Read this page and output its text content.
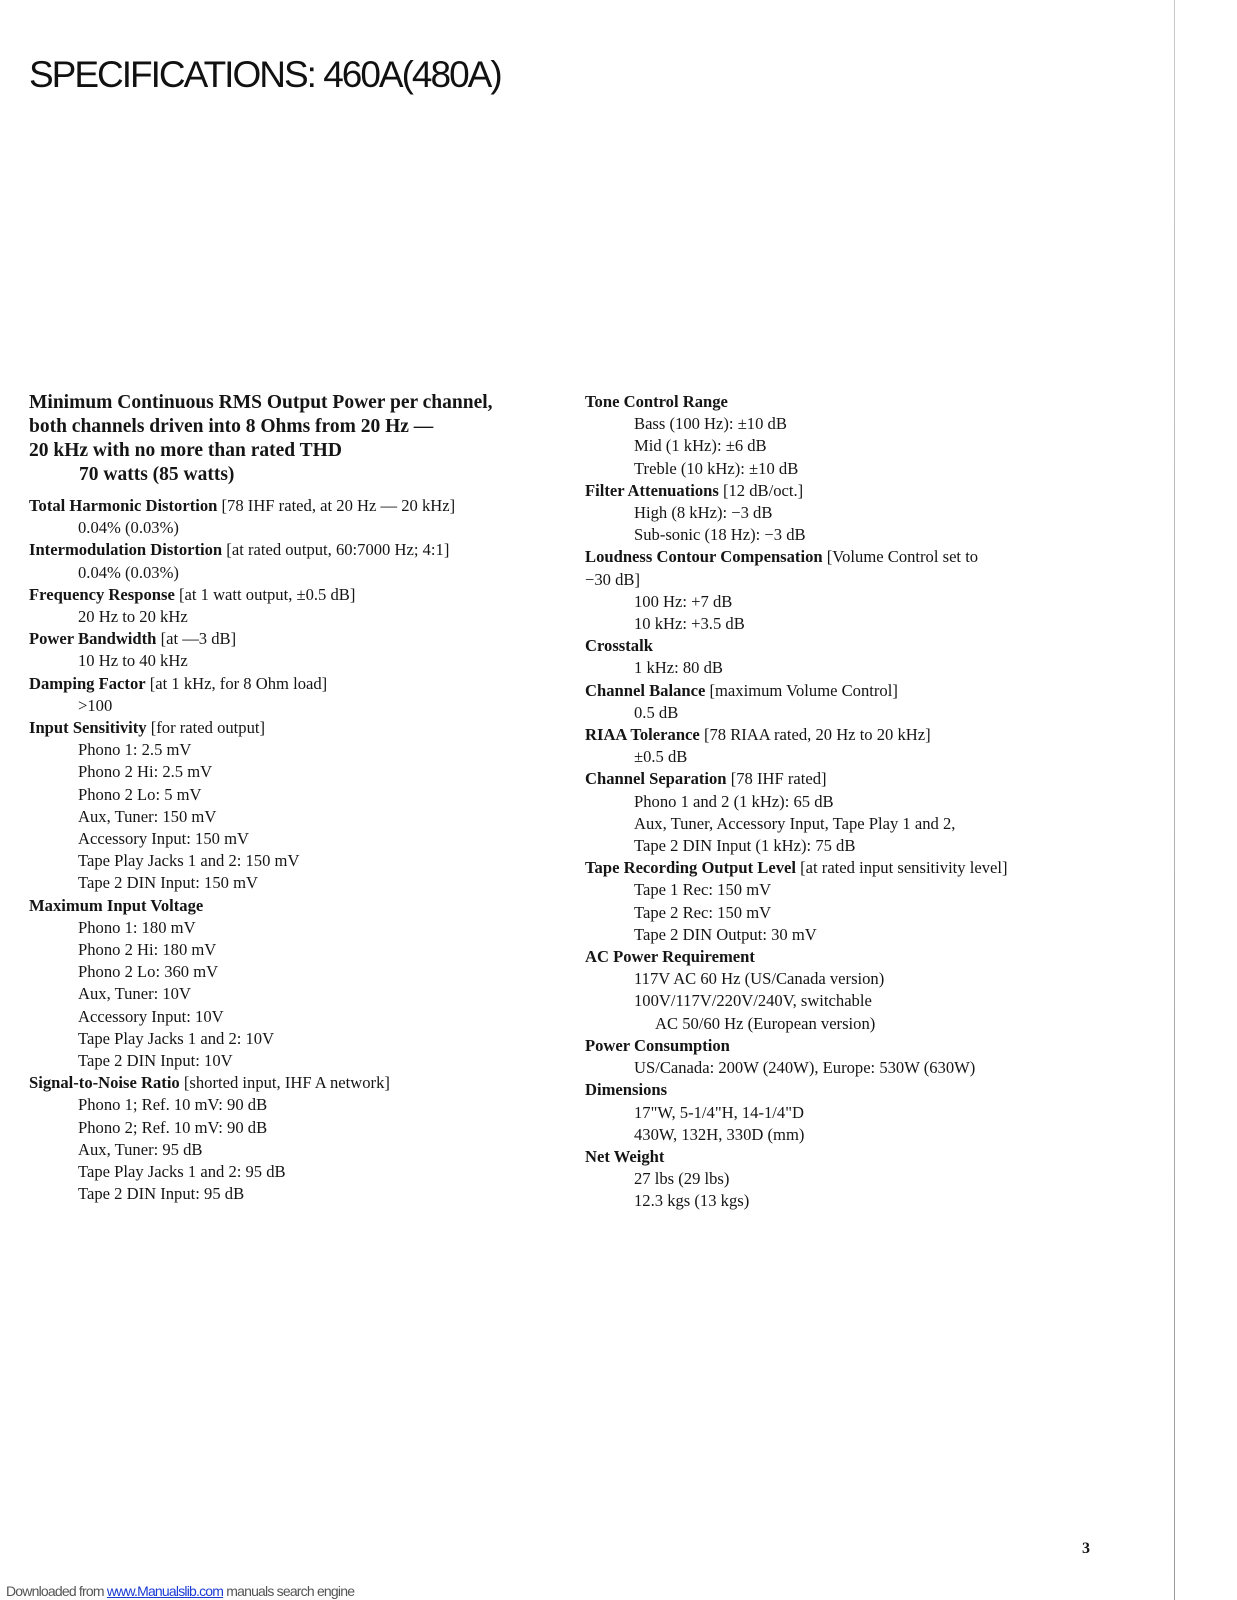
SPECIFICATIONS: 460A(480A)
Minimum Continuous RMS Output Power per channel,
both channels driven into 8 Ohms from 20 Hz —
20 kHz with no more than rated THD
70 watts (85 watts)
Total Harmonic Distortion [78 IHF rated, at 20 Hz — 20 kHz]
0.04% (0.03%)
Intermodulation Distortion [at rated output, 60:7000 Hz; 4:1]
0.04% (0.03%)
Frequency Response [at 1 watt output, ±0.5 dB]
20 Hz to 20 kHz
Power Bandwidth [at —3 dB]
10 Hz to 40 kHz
Damping Factor [at 1 kHz, for 8 Ohm load]
>100
Input Sensitivity [for rated output]
Phono 1: 2.5 mV
Phono 2 Hi: 2.5 mV
Phono 2 Lo: 5 mV
Aux, Tuner: 150 mV
Accessory Input: 150 mV
Tape Play Jacks 1 and 2: 150 mV
Tape 2 DIN Input: 150 mV
Maximum Input Voltage
Phono 1: 180 mV
Phono 2 Hi: 180 mV
Phono 2 Lo: 360 mV
Aux, Tuner: 10V
Accessory Input: 10V
Tape Play Jacks 1 and 2: 10V
Tape 2 DIN Input: 10V
Signal-to-Noise Ratio [shorted input, IHF A network]
Phono 1; Ref. 10 mV: 90 dB
Phono 2; Ref. 10 mV: 90 dB
Aux, Tuner: 95 dB
Tape Play Jacks 1 and 2: 95 dB
Tape 2 DIN Input: 95 dB
Tone Control Range
Bass (100 Hz): ±10 dB
Mid (1 kHz): ±6 dB
Treble (10 kHz): ±10 dB
Filter Attenuations [12 dB/oct.]
High (8 kHz): −3 dB
Sub-sonic (18 Hz): −3 dB
Loudness Contour Compensation [Volume Control set to
−30 dB]
100 Hz: +7 dB
10 kHz: +3.5 dB
Crosstalk
1 kHz: 80 dB
Channel Balance [maximum Volume Control]
0.5 dB
RIAA Tolerance [78 RIAA rated, 20 Hz to 20 kHz]
±0.5 dB
Channel Separation [78 IHF rated]
Phono 1 and 2 (1 kHz): 65 dB
Aux, Tuner, Accessory Input, Tape Play 1 and 2,
Tape 2 DIN Input (1 kHz): 75 dB
Tape Recording Output Level [at rated input sensitivity level]
Tape 1 Rec: 150 mV
Tape 2 Rec: 150 mV
Tape 2 DIN Output: 30 mV
AC Power Requirement
117V AC 60 Hz (US/Canada version)
100V/117V/220V/240V, switchable
AC 50/60 Hz (European version)
Power Consumption
US/Canada: 200W (240W), Europe: 530W (630W)
Dimensions
17"W, 5-1/4"H, 14-1/4"D
430W, 132H, 330D (mm)
Net Weight
27 lbs (29 lbs)
12.3 kgs (13 kgs)
3
Downloaded from www.Manualslib.com manuals search engine
